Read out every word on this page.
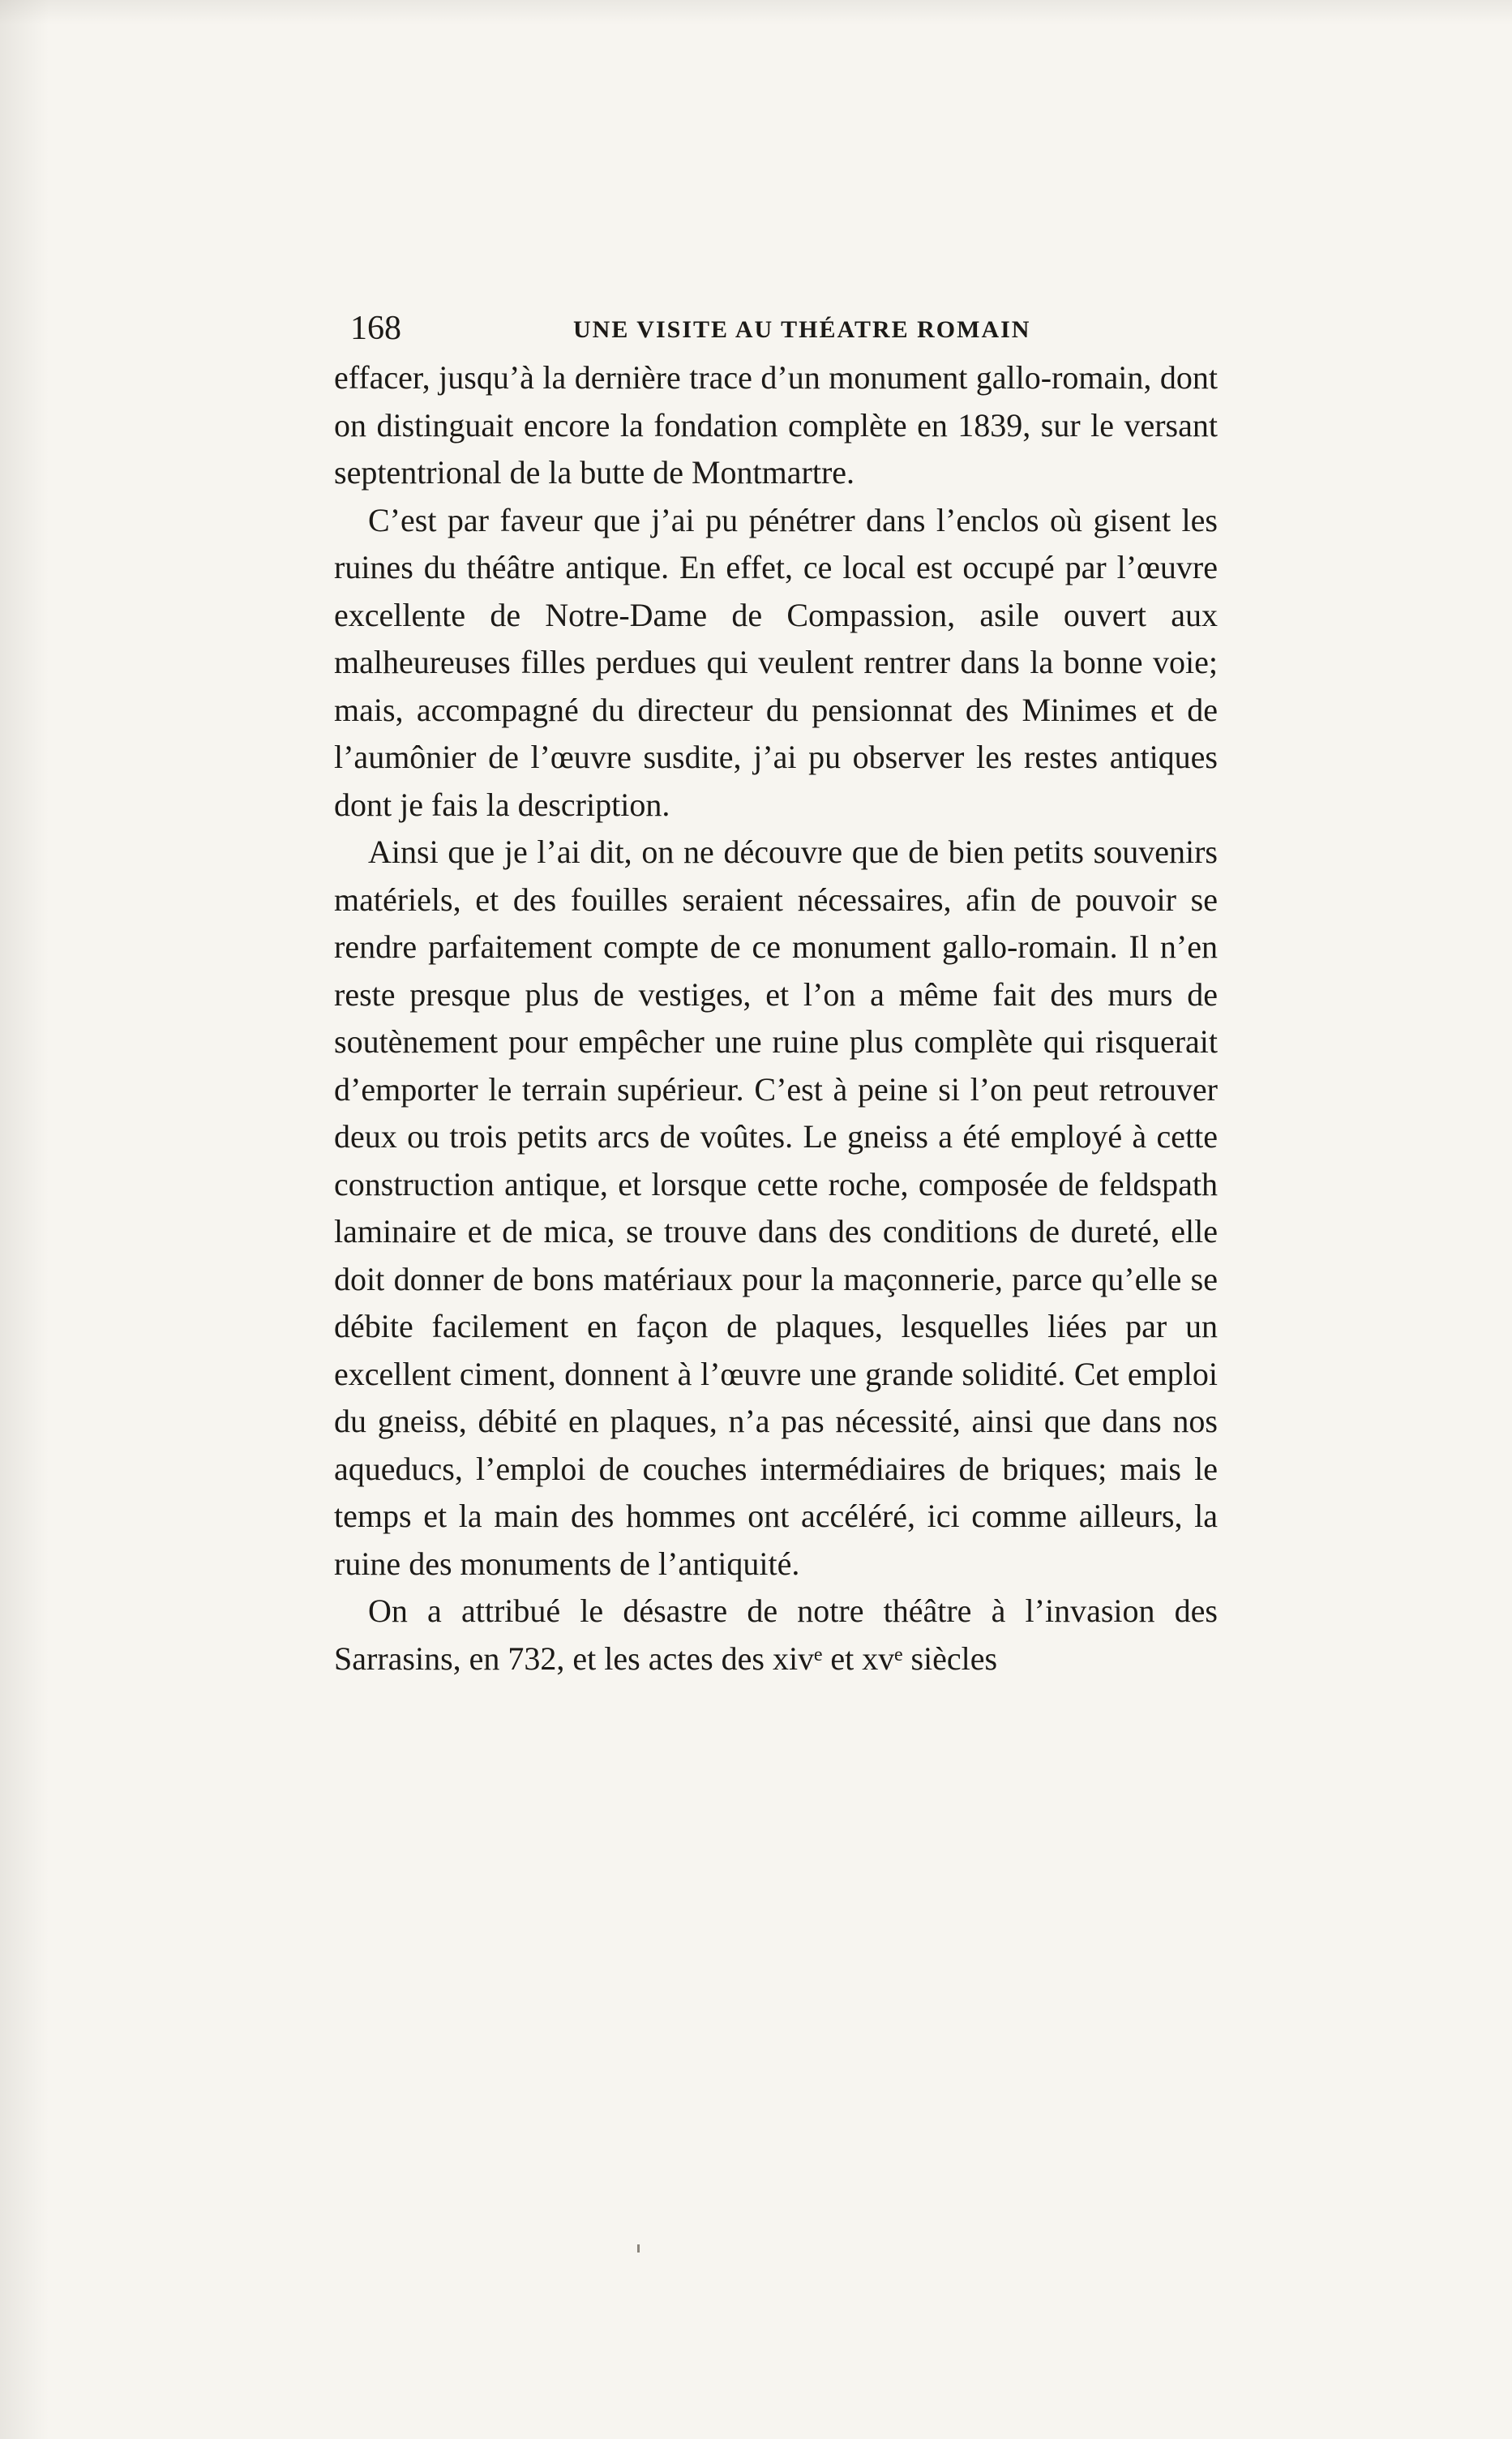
168	UNE VISITE AU THÉATRE ROMAIN

effacer, jusqu’à la dernière trace d’un monument gallo-romain, dont on distinguait encore la fondation complète en 1839, sur le versant septentrional de la butte de Montmartre.

C’est par faveur que j’ai pu pénétrer dans l’enclos où gisent les ruines du théâtre antique. En effet, ce local est occupé par l’œuvre excellente de Notre-Dame de Compassion, asile ouvert aux malheureuses filles perdues qui veulent rentrer dans la bonne voie; mais, accompagné du directeur du pensionnat des Minimes et de l’aumônier de l’œuvre susdite, j’ai pu observer les restes antiques dont je fais la description.

Ainsi que je l’ai dit, on ne découvre que de bien petits souvenirs matériels, et des fouilles seraient nécessaires, afin de pouvoir se rendre parfaitement compte de ce monument gallo-romain. Il n’en reste presque plus de vestiges, et l’on a même fait des murs de soutènement pour empêcher une ruine plus complète qui risquerait d’emporter le terrain supérieur. C’est à peine si l’on peut retrouver deux ou trois petits arcs de voûtes. Le gneiss a été employé à cette construction antique, et lorsque cette roche, composée de feldspath laminaire et de mica, se trouve dans des conditions de dureté, elle doit donner de bons matériaux pour la maçonnerie, parce qu’elle se débite facilement en façon de plaques, lesquelles liées par un excellent ciment, donnent à l’œuvre une grande solidité. Cet emploi du gneiss, débité en plaques, n’a pas nécessité, ainsi que dans nos aqueducs, l’emploi de couches intermédiaires de briques; mais le temps et la main des hommes ont accéléré, ici comme ailleurs, la ruine des monuments de l’antiquité.

On a attribué le désastre de notre théâtre à l’invasion des Sarrasins, en 732, et les actes des xivᵉ et xvᵉ siècles
